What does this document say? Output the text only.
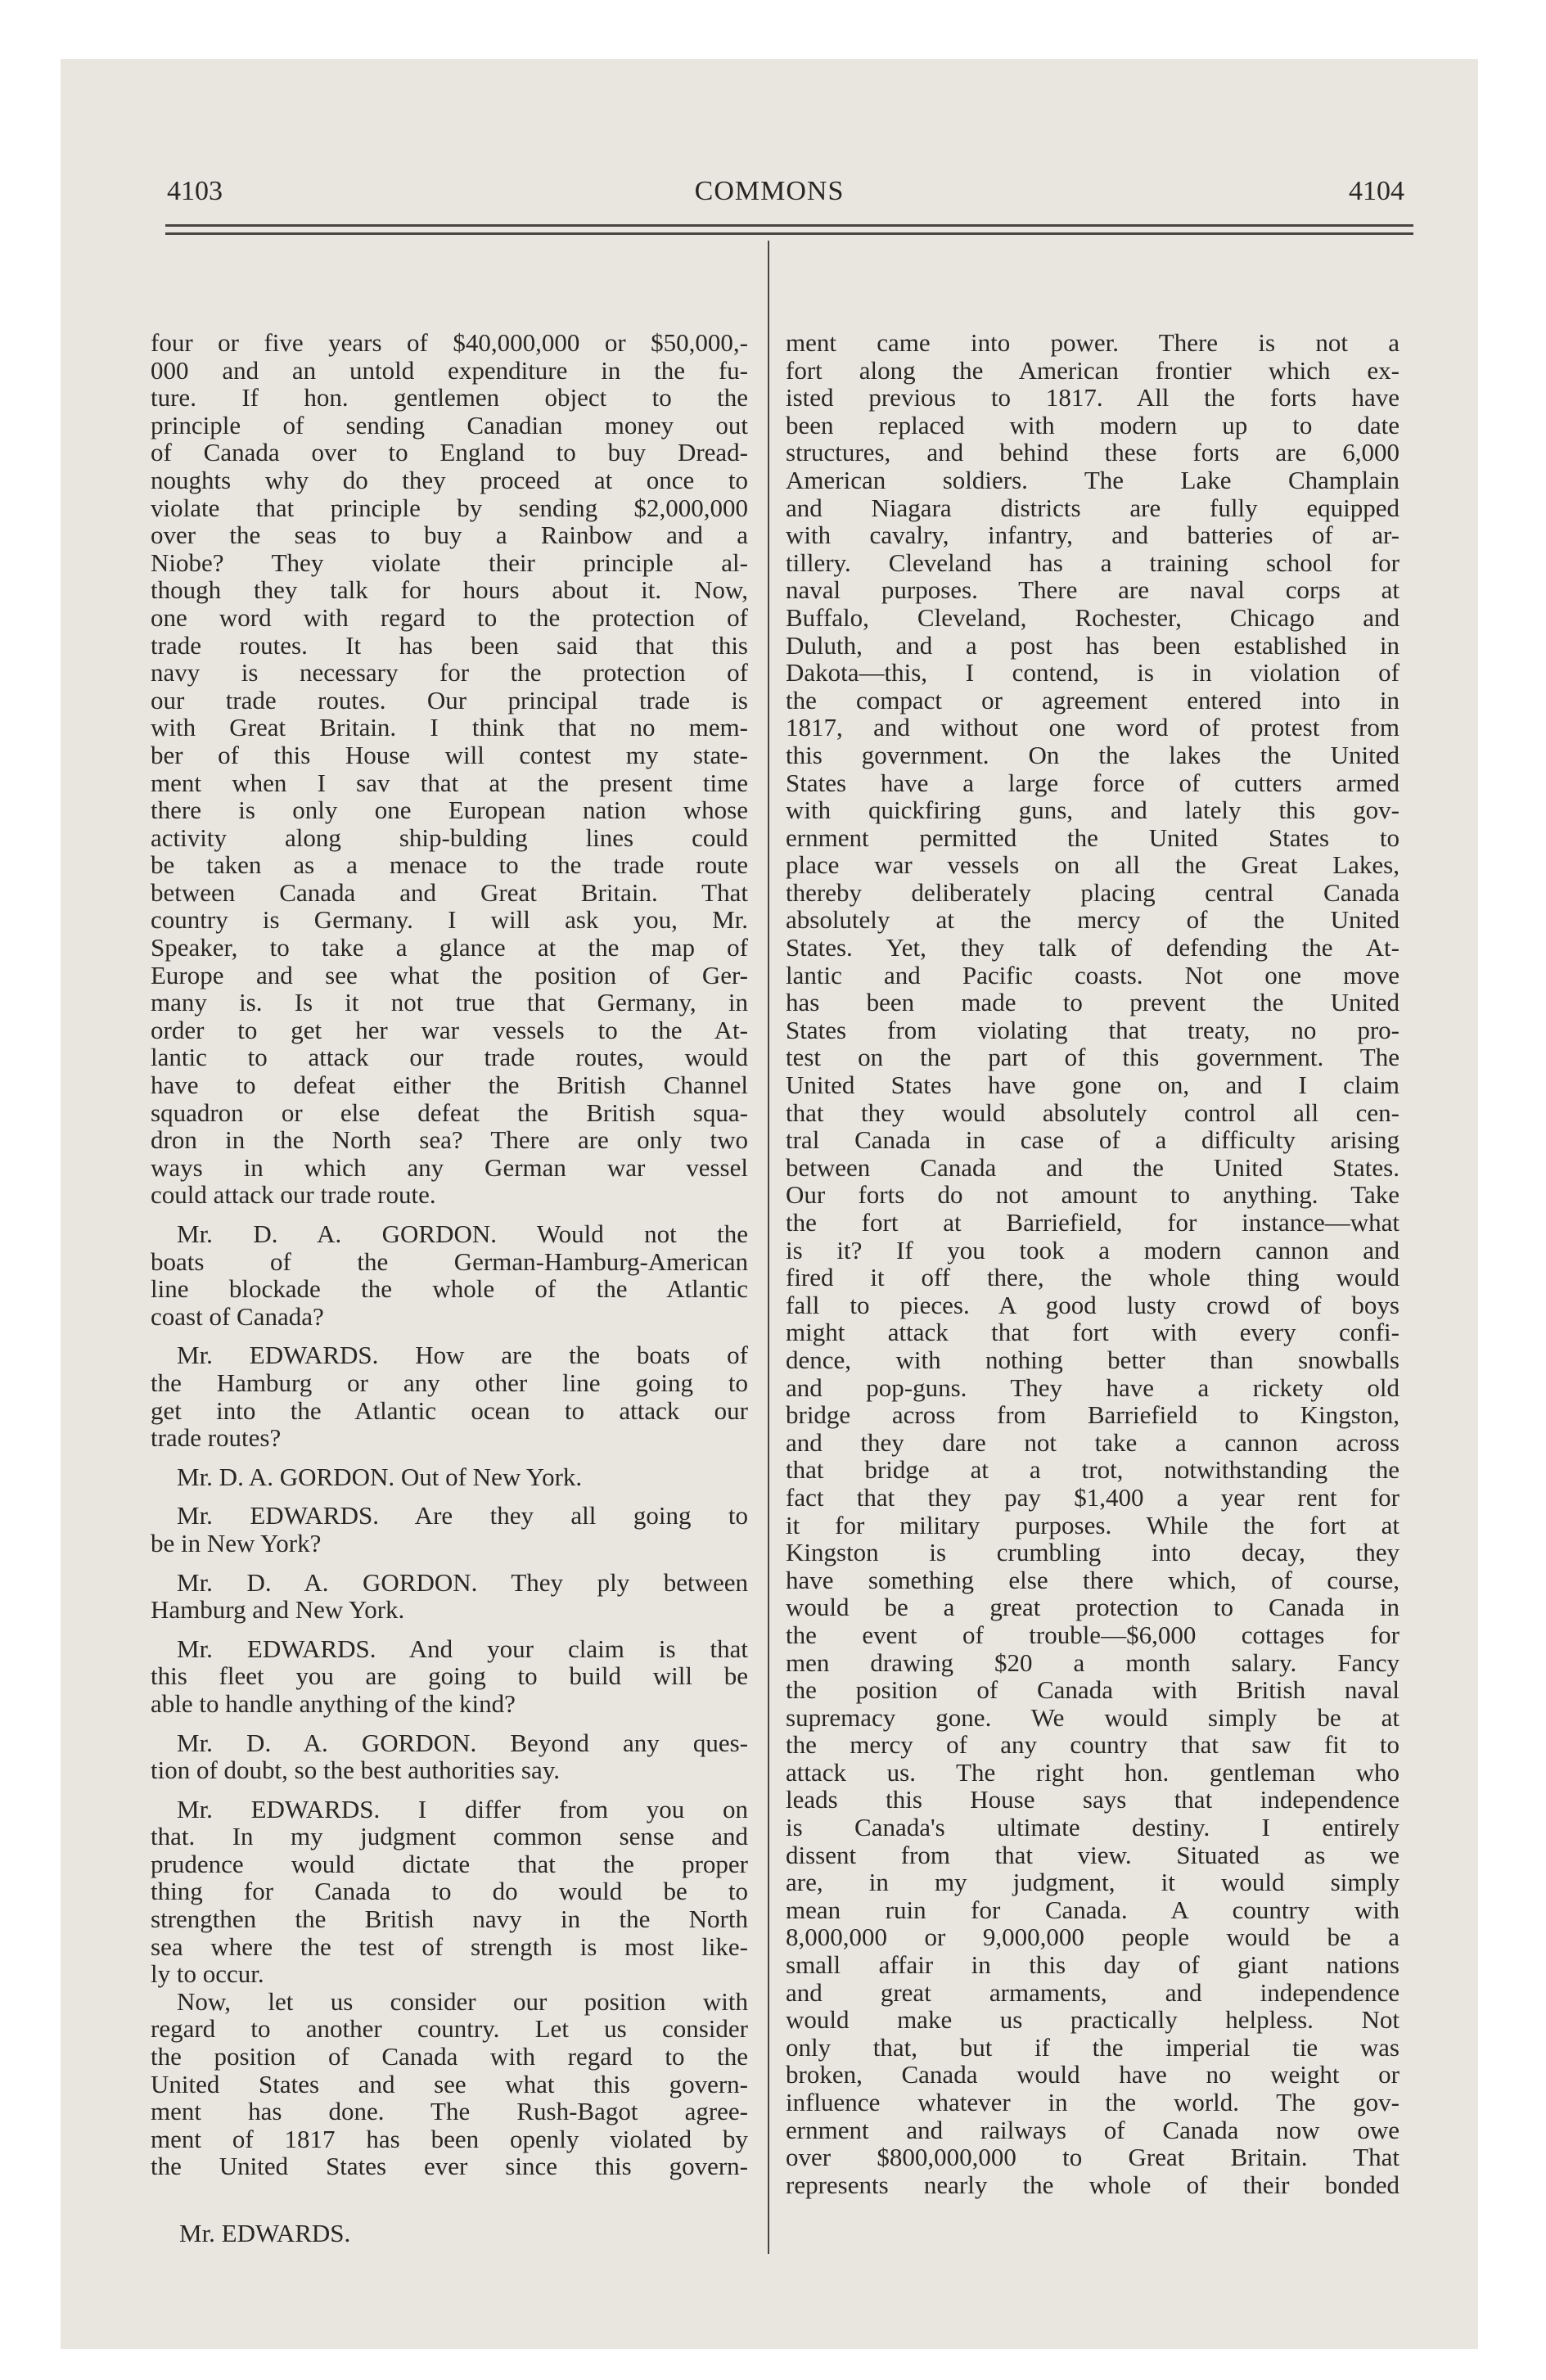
4103	COMMONS	4104
four or five years of $40,000,000 or $50,000,-
000 and an untold expenditure in the fu-
ture. If hon. gentlemen object to the
principle of sending Canadian money out
of Canada over to England to buy Dread-
noughts why do they proceed at once to
violate that principle by sending $2,000,000
over the seas to buy a Rainbow and a
Niobe? They violate their principle al-
though they talk for hours about it. Now,
one word with regard to the protection of
trade routes. It has been said that this
navy is necessary for the protection of
our trade routes. Our principal trade is
with Great Britain. I think that no mem-
ber of this House will contest my state-
ment when I sav that at the present time
there is only one European nation whose
activity along ship-bulding lines could
be taken as a menace to the trade route
between Canada and Great Britain. That
country is Germany. I will ask you, Mr.
Speaker, to take a glance at the map of
Europe and see what the position of Ger-
many is. Is it not true that Germany, in
order to get her war vessels to the At-
lantic to attack our trade routes, would
have to defeat either the British Channel
squadron or else defeat the British squa-
dron in the North sea? There are only two
ways in which any German war vessel
could attack our trade route.
Mr. D. A. GORDON. Would not the
boats of the German-Hamburg-American
line blockade the whole of the Atlantic
coast of Canada?
Mr. EDWARDS. How are the boats of
the Hamburg or any other line going to
get into the Atlantic ocean to attack our
trade routes?
Mr. D. A. GORDON. Out of New York.
Mr. EDWARDS. Are they all going to
be in New York?
Mr. D. A. GORDON. They ply between
Hamburg and New York.
Mr. EDWARDS. And your claim is that
this fleet you are going to build will be
able to handle anything of the kind?
Mr. D. A. GORDON. Beyond any ques-
tion of doubt, so the best authorities say.
Mr. EDWARDS. I differ from you on
that. In my judgment common sense and
prudence would dictate that the proper
thing for Canada to do would be to
strengthen the British navy in the North
sea where the test of strength is most like-
ly to occur.
Now, let us consider our position with
regard to another country. Let us consider
the position of Canada with regard to the
United States and see what this govern-
ment has done. The Rush-Bagot agree-
ment of 1817 has been openly violated by
the United States ever since this govern-
ment came into power. There is not a
fort along the American frontier which ex-
isted previous to 1817. All the forts have
been replaced with modern up to date
structures, and behind these forts are 6,000
American soldiers. The Lake Champlain
and Niagara districts are fully equipped
with cavalry, infantry, and batteries of ar-
tillery. Cleveland has a training school for
naval purposes. There are naval corps at
Buffalo, Cleveland, Rochester, Chicago and
Duluth, and a post has been established in
Dakota—this, I contend, is in violation of
the compact or agreement entered into in
1817, and without one word of protest from
this government. On the lakes the United
States have a large force of cutters armed
with quickfiring guns, and lately this gov-
ernment permitted the United States to
place war vessels on all the Great Lakes,
thereby deliberately placing central Canada
absolutely at the mercy of the United
States. Yet, they talk of defending the At-
lantic and Pacific coasts. Not one move
has been made to prevent the United
States from violating that treaty, no pro-
test on the part of this government. The
United States have gone on, and I claim
that they would absolutely control all cen-
tral Canada in case of a difficulty arising
between Canada and the United States.
Our forts do not amount to anything. Take
the fort at Barriefield, for instance—what
is it? If you took a modern cannon and
fired it off there, the whole thing would
fall to pieces. A good lusty crowd of boys
might attack that fort with every confi-
dence, with nothing better than snowballs
and pop-guns. They have a rickety old
bridge across from Barriefield to Kingston,
and they dare not take a cannon across
that bridge at a trot, notwithstanding the
fact that they pay $1,400 a year rent for
it for military purposes. While the fort at
Kingston is crumbling into decay, they
have something else there which, of course,
would be a great protection to Canada in
the event of trouble—$6,000 cottages for
men drawing $20 a month salary. Fancy
the position of Canada with British naval
supremacy gone. We would simply be at
the mercy of any country that saw fit to
attack us. The right hon. gentleman who
leads this House says that independence
is Canada's ultimate destiny. I entirely
dissent from that view. Situated as we
are, in my judgment, it would simply
mean ruin for Canada. A country with
8,000,000 or 9,000,000 people would be a
small affair in this day of giant nations
and great armaments, and independence
would make us practically helpless. Not
only that, but if the imperial tie was
broken, Canada would have no weight or
influence whatever in the world. The gov-
ernment and railways of Canada now owe
over $800,000,000 to Great Britain. That
represents nearly the whole of their bonded
Mr. EDWARDS.
